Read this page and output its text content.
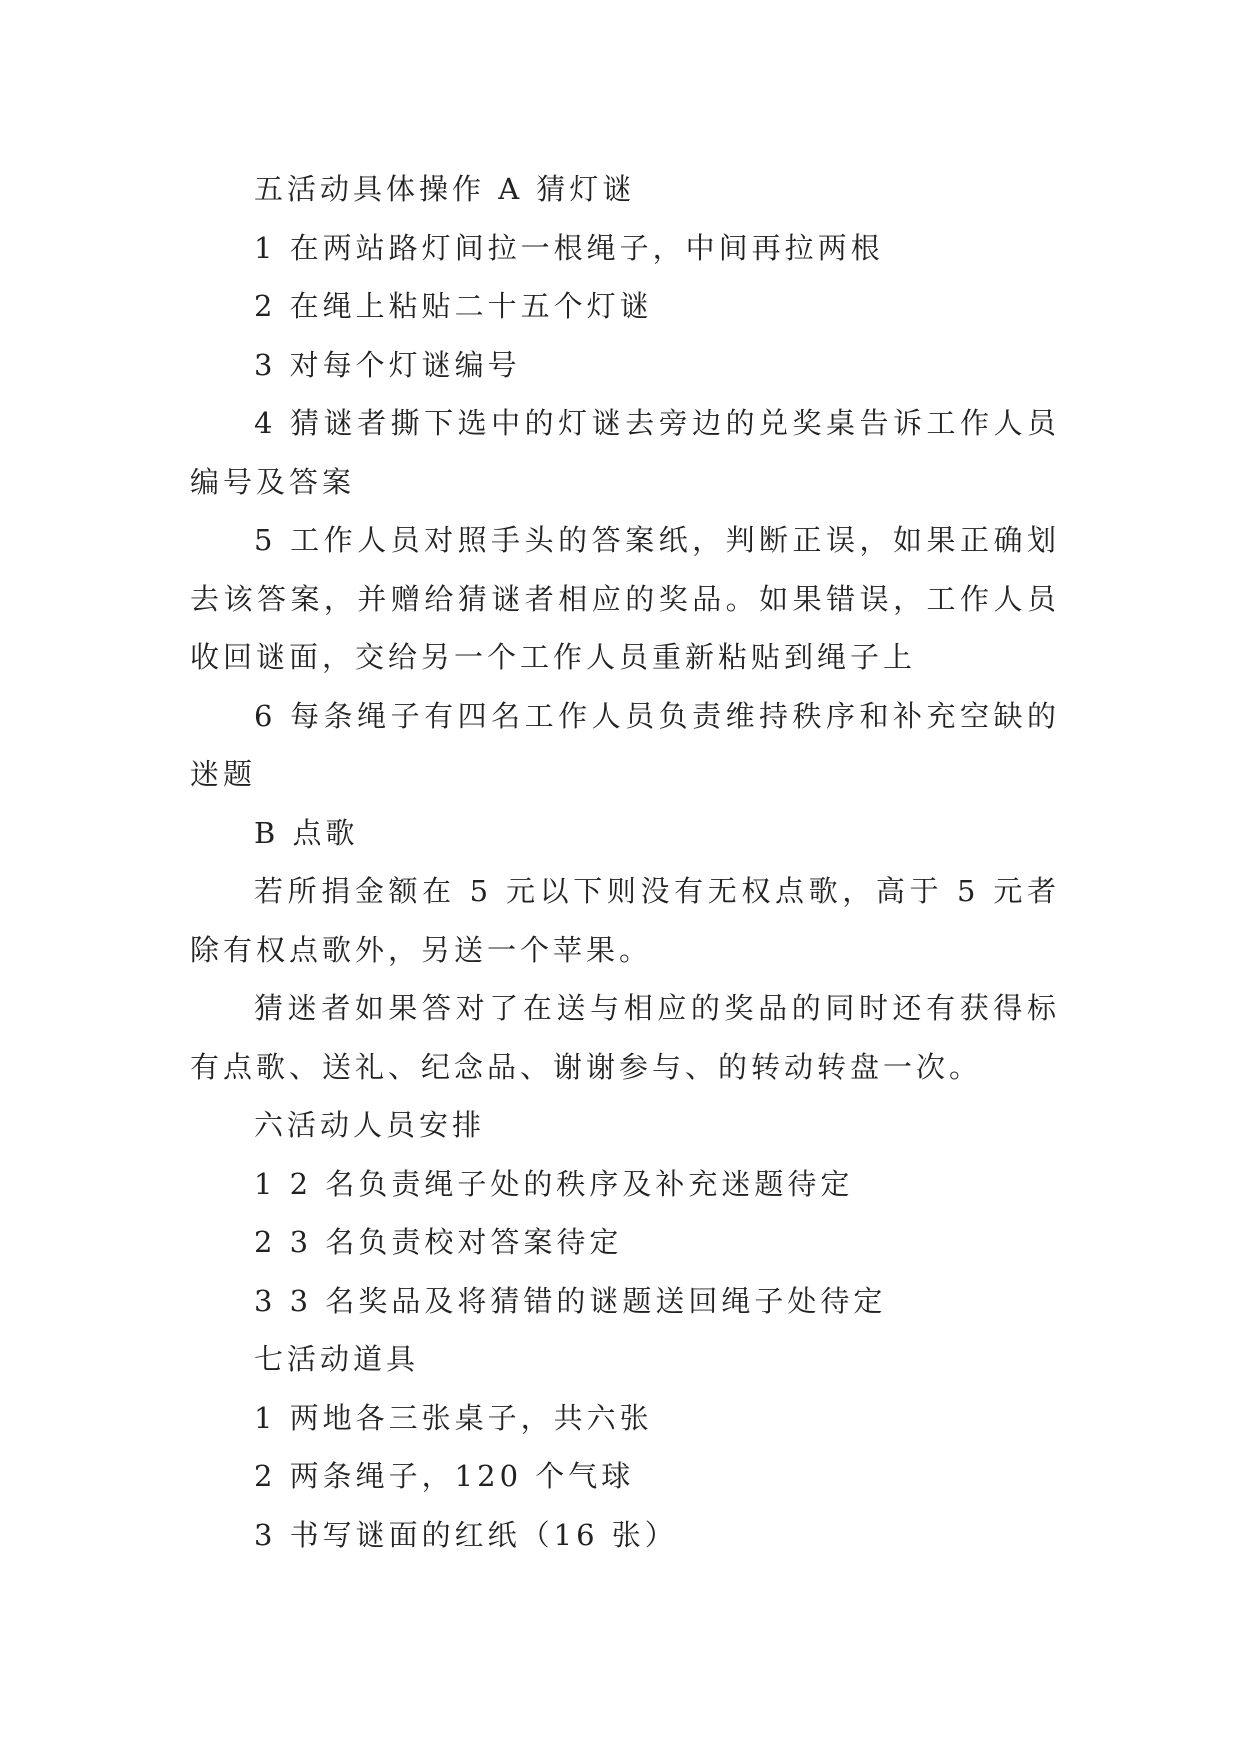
五活动具体操作 A 猜灯谜

1 在两站路灯间拉一根绳子，中间再拉两根

2 在绳上粘贴二十五个灯谜

3 对每个灯谜编号

4 猜谜者撕下选中的灯谜去旁边的兑奖桌告诉工作人员编号及答案

5 工作人员对照手头的答案纸，判断正误，如果正确划去该答案，并赠给猜谜者相应的奖品。如果错误，工作人员收回谜面，交给另一个工作人员重新粘贴到绳子上

6 每条绳子有四名工作人员负责维持秩序和补充空缺的迷题

B 点歌

若所捐金额在 5 元以下则没有无权点歌，高于 5 元者除有权点歌外，另送一个苹果。

猜迷者如果答对了在送与相应的奖品的同时还有获得标有点歌、送礼、纪念品、谢谢参与、的转动转盘一次。

六活动人员安排

1 2 名负责绳子处的秩序及补充迷题待定

2 3 名负责校对答案待定

3 3 名奖品及将猜错的谜题送回绳子处待定

七活动道具

1 两地各三张桌子，共六张

2 两条绳子，120 个气球

3 书写谜面的红纸（16 张）
